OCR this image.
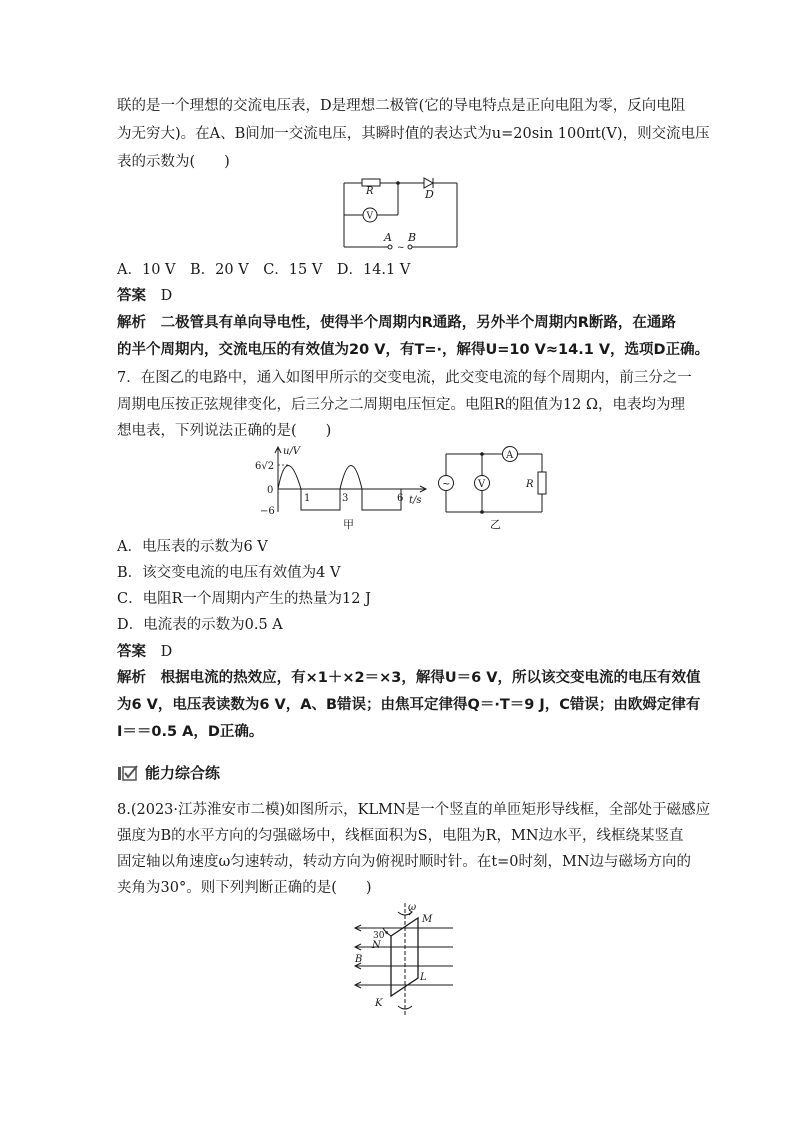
联的是一个理想的交流电压表，D是理想二极管(它的导电特点是正向电阻为零，反向电阻
为无穷大)。在A、B间加一交流电压，其瞬时值的表达式为u=20sin 100πt(V)，则交流电压
表的示数为(　　)
R	D
V
A B
~
A．10 V　B．20 V　C．15 V　D．14.1 V
答案 D
解析 二极管具有单向导电性，使得半个周期内R通路，另外半个周期内R断路，在通路
的半个周期内，交流电压的有效值为20 V，有T=·，解得U=10 V≈14.1 V，选项D正确。
7．在图乙的电路中，通入如图甲所示的交变电流，此交变电流的每个周期内，前三分之一
周期电压按正弦规律变化，后三分之二周期电压恒定。电阻R的阻值为12 Ω，电表均为理
想电表，下列说法正确的是(　　)
6√2
u/V
0
−6
1	3	6 t/s
甲
A
V
~	R
乙
A．电压表的示数为6 V
B．该交变电流的电压有效值为4 V
C．电阻R一个周期内产生的热量为12 J
D．电流表的示数为0.5 A
答案 D
解析 根据电流的热效应，有×1＋×2＝×3，解得U＝6 V，所以该交变电流的电压有效值
为6 V，电压表读数为6 V，A、B错误；由焦耳定律得Q＝·T＝9 J，C错误；由欧姆定律有
I＝＝0.5 A，D正确。
能力综合练
8.(2023·江苏淮安市二模)如图所示，KLMN是一个竖直的单匝矩形导线框，全部处于磁感应
强度为B的水平方向的匀强磁场中，线框面积为S，电阻为R，MN边水平，线框绕某竖直
固定轴以角速度ω匀速转动，转动方向为俯视时顺时针。在t=0时刻，MN边与磁场方向的
夹角为30°。则下列判断正确的是(　　)
ω
M
N
30°
B
L
K
